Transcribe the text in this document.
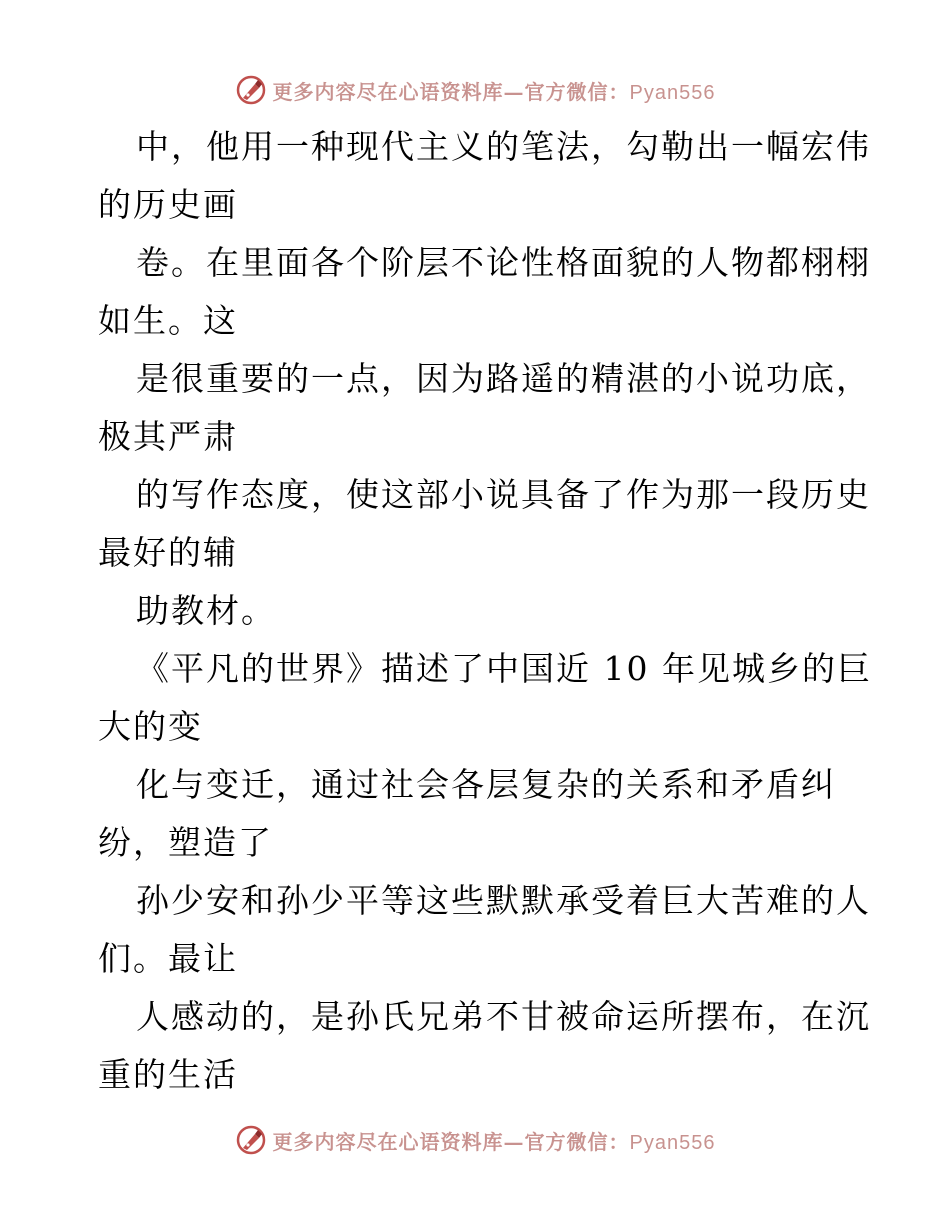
更多内容尽在心语资料库—官方微信：Pyan556
中，他用一种现代主义的笔法，勾勒出一幅宏伟
的历史画
卷。在里面各个阶层不论性格面貌的人物都栩栩
如生。这
是很重要的一点，因为路遥的精湛的小说功底，
极其严肃
的写作态度，使这部小说具备了作为那一段历史
最好的辅
助教材。
《平凡的世界》描述了中国近 10 年见城乡的巨
大的变
化与变迁，通过社会各层复杂的关系和矛盾纠
纷，塑造了
孙少安和孙少平等这些默默承受着巨大苦难的人
们。最让
人感动的，是孙氏兄弟不甘被命运所摆布，在沉
重的生活
更多内容尽在心语资料库—官方微信：Pyan556
